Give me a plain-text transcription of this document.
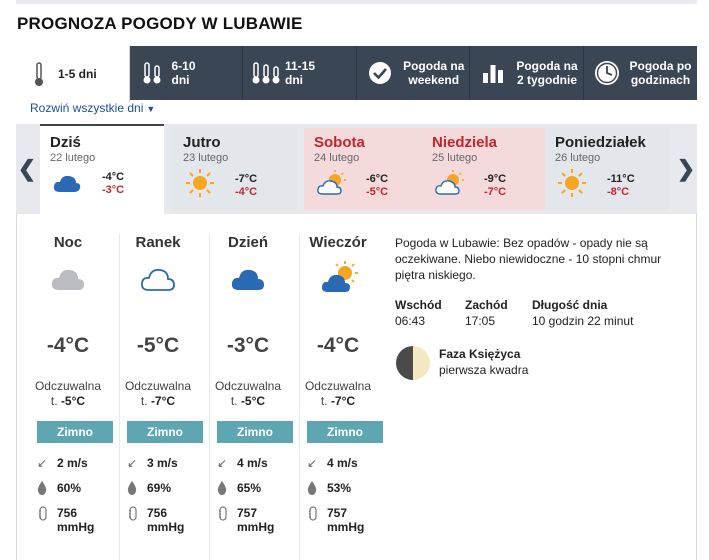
PROGNOZA POGODY W LUBAWIE
1-5 dni
6-10 dni
11-15 dni
Pogoda na weekend
Pogoda na 2 tygodnie
Pogoda po godzinach
Rozwiń wszystkie dni ▼
❮
Dziś
22 lutego
-4°C
-3°C
Jutro
23 lutego
-7°C
-4°C
Sobota
24 lutego
-6°C
-5°C
Niedziela
25 lutego
-9°C
-7°C
Poniedziałek
26 lutego
-11°C
-8°C
❯
Noc
-4°C
Odczuwalna
t. -5°C
Zimno
↙ 2 m/s
60%
756
mmHg
Ranek
-5°C
Odczuwalna
t. -7°C
Zimno
↙ 3 m/s
69%
756
mmHg
Dzień
-3°C
Odczuwalna
t. -5°C
Zimno
↙ 4 m/s
65%
757
mmHg
Wieczór
-4°C
Odczuwalna
t. -7°C
Zimno
↙ 4 m/s
53%
757
mmHg
Pogoda w Lubawie: Bez opadów - opady nie są oczekiwane. Niebo niewidoczne - 10 stopni chmur piętra niskiego.
Wschód
06:43
Zachód
17:05
Długość dnia
10 godzin 22 minut
Faza Księżyca
pierwsza kwadra
